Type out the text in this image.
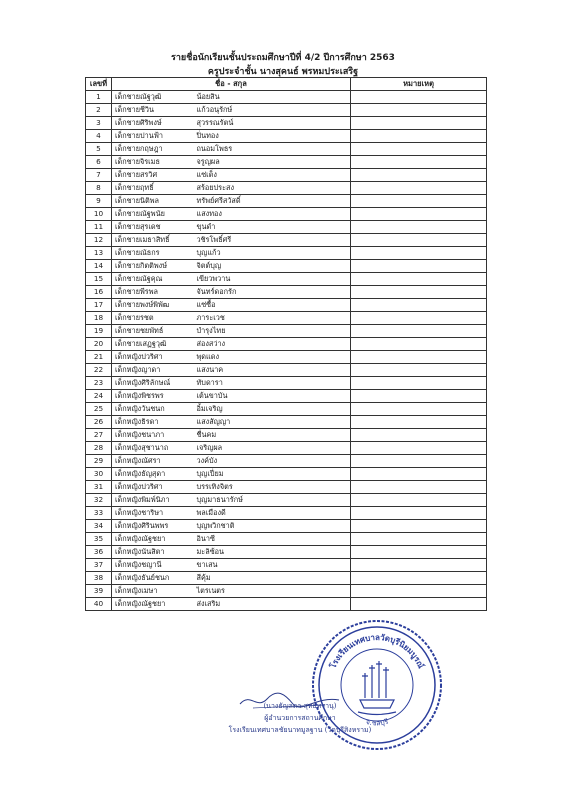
รายชื่อนักเรียนชั้นประถมศึกษาปีที่ 4/2 ปีการศึกษา 2563
ครูประจำชั้น นางสุคนธ์ พรหมประเสริฐ
เลขที่	ชื่อ - สกุล		หมายเหตุ
1	เด็กชายณัฐวุฒิ	น้อยสิน	
2	เด็กชายชีวิน	แก้วอนุรักษ์	
3	เด็กชายศิริพงษ์	สุวรรณรัตน์	
4	เด็กชายปานฟ้า	ปิ่นทอง	
5	เด็กชายกฤษฎา	ถนอมโพธร	
6	เด็กชายจิรเมธ	จรูญผล	
7	เด็กชายสรวิศ	แซ่เต็ง	
8	เด็กชายฤทธิ์	สร้อยประสง	
9	เด็กชายนิติพล	ทรัพย์ศรีสวัสดิ์	
10	เด็กชายณัฐพนัย	แสงทอง	
11	เด็กชายสุรเดช	ขุนดำ	
12	เด็กชายเมธาสิทธิ์	วชิรโพธิ์ศรี	
13	เด็กชายณัธกร	บุญแก้ว	
14	เด็กชายกิตติพงษ์	จิตต์บุญ	
15	เด็กชายณัฐคุณ	เขียวพวาน	
16	เด็กชายพีรพล	จันทร์ดอกรัก	
17	เด็กชายพงษ์พิพัฒ	แซ่ซื้อ	
18	เด็กชายรชต	ภาระเวช	
19	เด็กชายชยพัทธ์	บำรุงไทย	
20	เด็กชายเสฏฐวุฒิ	ส่องสว่าง	
21	เด็กหญิงปวริศา	พุดแดง	
22	เด็กหญิงญาดา	แสงนาค	
23	เด็กหญิงศิริลักษณ์	ทับดารา	
24	เด็กหญิงพิชรพร	เต้นขาบัน	
25	เด็กหญิงวันชนก	อิ้มเจริญ	
26	เด็กหญิงธิรดา	แสงสัญญา	
27	เด็กหญิงชนาภา	ชื่นคม	
28	เด็กหญิงสุชานาถ	เจริญผล	
29	เด็กหญิงณัศรา	วงค์บัง	
30	เด็กหญิงธัญสุดา	บุญเปี่ยม	
31	เด็กหญิงปวริศา	บรรเทิงจิตร	
32	เด็กหญิงพิมพ์นิภา	บุญมาธนารักษ์	
33	เด็กหญิงชาริษา	พลเมืองดี	
34	เด็กหญิงศิรินพพร	บุญพวิกชาติ	
35	เด็กหญิงณัฐชยา	อินาซี	
36	เด็กหญิงนันสิตา	มะลิซ้อน	
37	เด็กหญิงชญานี	ขาเสน	
38	เด็กหญิงธันย์ชนก	สีคุ้ม	
39	เด็กหญิงเมษา	ไตรเนตร	
40	เด็กหญิงณัฐชยา	ส่งเสริม	
(นางธัญลดา สุทธิทรานุ)
ผู้อำนวยการสถานศึกษา
โรงเรียนเทศบาลชัยนาทมูลฐาน (วัดบุรีสิงหราม)
โรงเรียนเทศบาลวัดบุรีนิยมบูรณ์
จ.ชลบุรี
